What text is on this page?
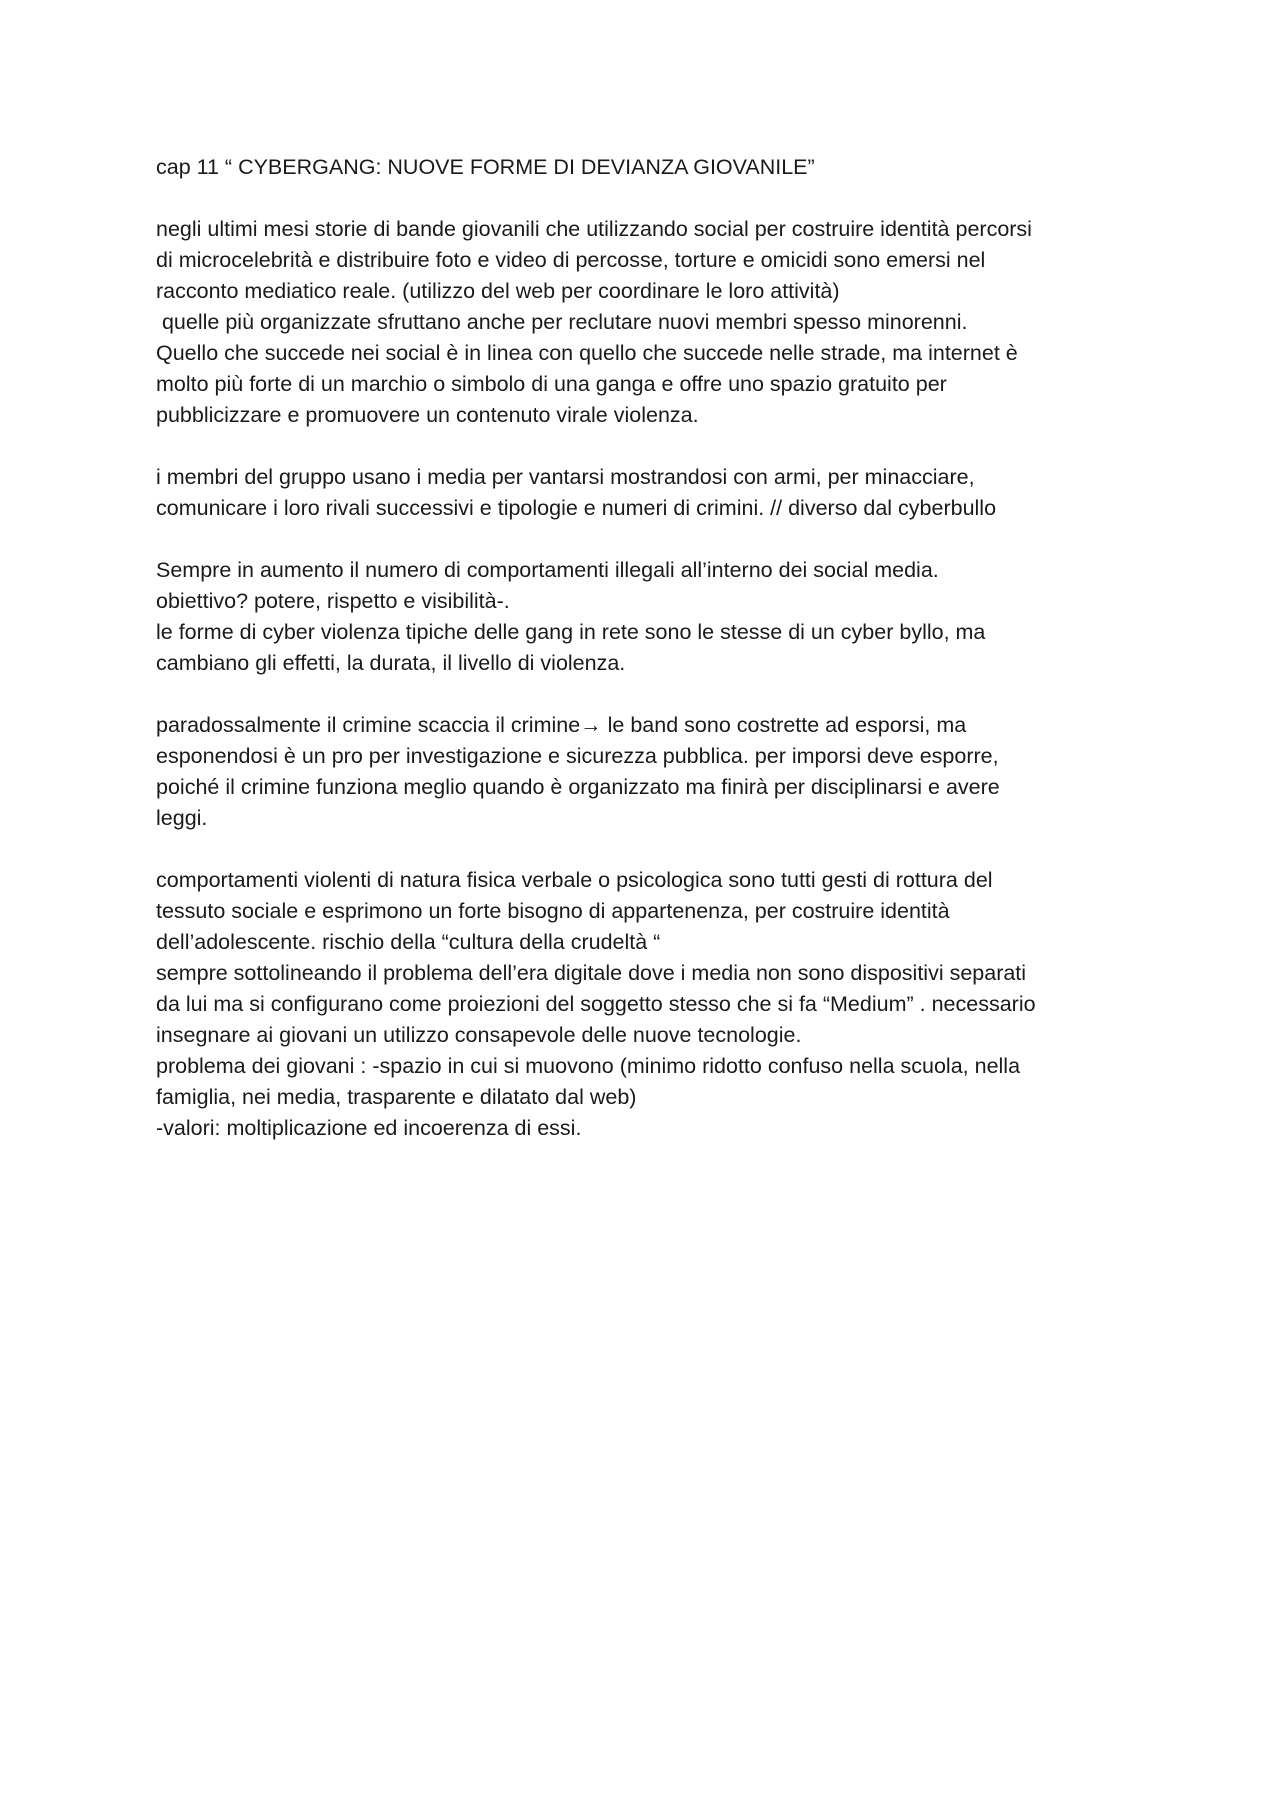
cap 11 “ CYBERGANG: NUOVE FORME DI DEVIANZA GIOVANILE”
negli ultimi mesi storie di bande giovanili che utilizzando social per costruire identità percorsi
di microcelebrità e distribuire foto e video di percosse, torture e omicidi sono emersi nel
racconto mediatico reale. (utilizzo del web per coordinare le loro attività)
quelle più organizzate sfruttano anche per reclutare nuovi membri spesso minorenni.
Quello che succede nei social è in linea con quello che succede nelle strade, ma internet è
molto più forte di un marchio o simbolo di una ganga e offre uno spazio gratuito per
pubblicizzare e promuovere un contenuto virale violenza.
i membri del gruppo usano i media per vantarsi mostrandosi con armi, per minacciare,
comunicare i loro rivali successivi e tipologie e numeri di crimini. // diverso dal cyberbullo
Sempre in aumento il numero di comportamenti illegali all’interno dei social media.
obiettivo? potere, rispetto e visibilità-.
le forme di cyber violenza tipiche delle gang in rete sono le stesse di un cyber byllo, ma
cambiano gli effetti, la durata, il livello di violenza.
paradossalmente il crimine scaccia il crimine→ le band sono costrette ad esporsi, ma
esponendosi è un pro per investigazione e sicurezza pubblica. per imporsi deve esporre,
poiché il crimine funziona meglio quando è organizzato ma finirà per disciplinarsi e avere
leggi.
comportamenti violenti di natura fisica verbale o psicologica sono tutti gesti di rottura del
tessuto sociale e esprimono un forte bisogno di appartenenza, per costruire identità
dell’adolescente. rischio della “cultura della crudeltà “
sempre sottolineando il problema dell’era digitale dove i media non sono dispositivi separati
da lui ma si configurano come proiezioni del soggetto stesso che si fa “Medium” . necessario
insegnare ai giovani un utilizzo consapevole delle nuove tecnologie.
problema dei giovani : -spazio in cui si muovono (minimo ridotto confuso nella scuola, nella
famiglia, nei media, trasparente e dilatato dal web)
-valori: moltiplicazione ed incoerenza di essi.
